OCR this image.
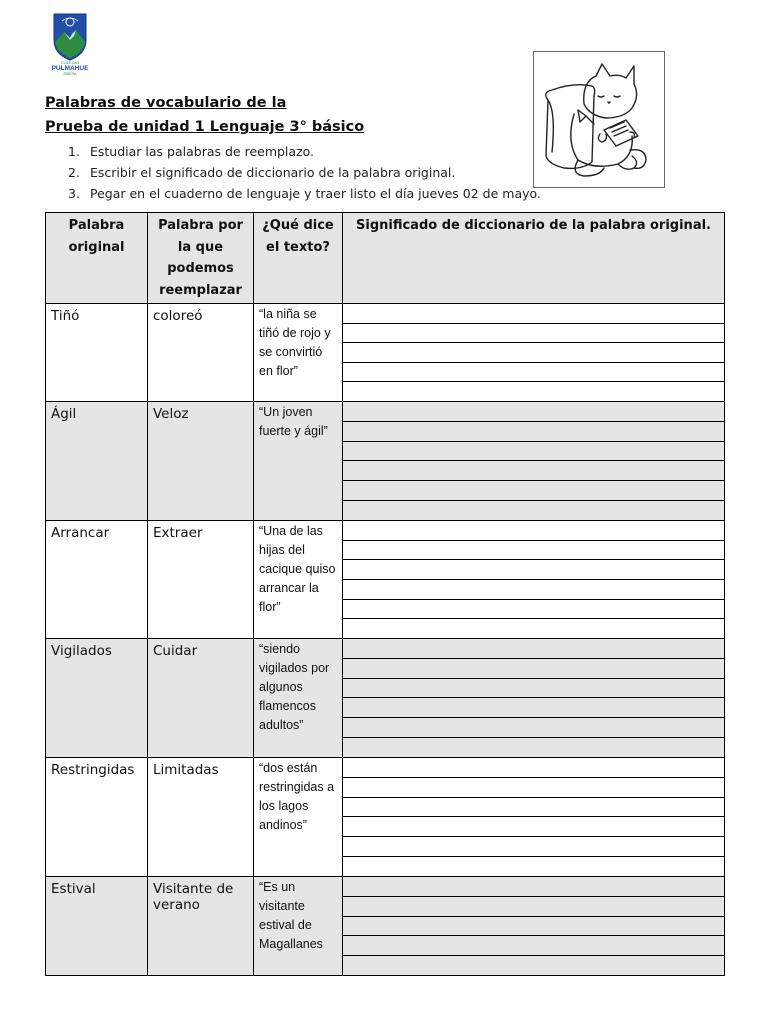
COLEGIO
PULMAHUE
RIBERA
Palabras de vocabulario de la
Prueba de unidad 1 Lenguaje 3° básico
1. Estudiar las palabras de reemplazo.
2. Escribir el significado de diccionario de la palabra original.
3. Pegar en el cuaderno de lenguaje y traer listo el día jueves 02 de mayo.
Palabra original	Palabra por la que podemos reemplazar	¿Qué dice el texto?	Significado de diccionario de la palabra original.
Tiñó	coloreó	“la niña se tiñó de rojo y se convirtió en flor”	

Ágil	Veloz	“Un joven fuerte y ágil”	

Arrancar	Extraer	“Una de las hijas del cacique quiso arrancar la flor”	

Vigilados	Cuidar	“siendo vigilados por algunos flamencos adultos”	

Restringidas	Limitadas	“dos están restringidas a los lagos andinos”	

Estival	Visitante de verano	“Es un visitante estival de Magallanes	
